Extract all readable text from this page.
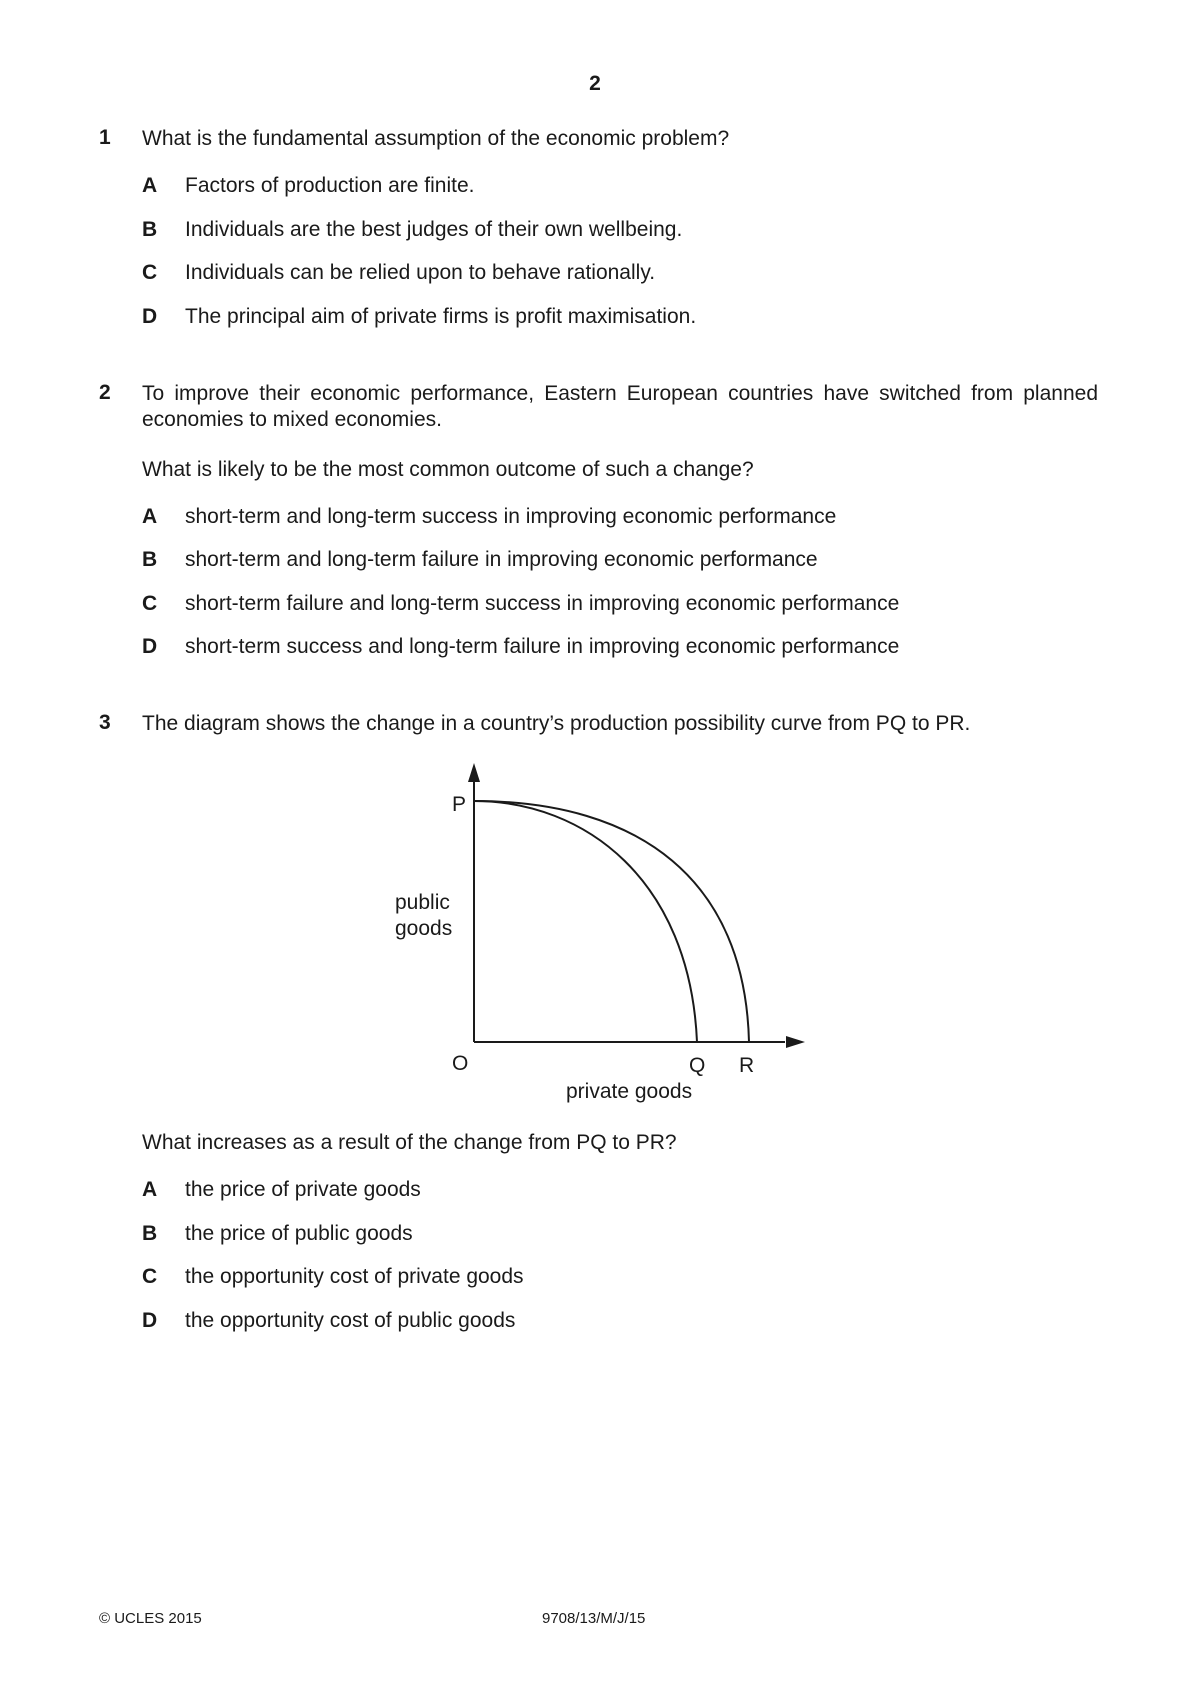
2
1 What is the fundamental assumption of the economic problem?
A Factors of production are finite.
B Individuals are the best judges of their own wellbeing.
C Individuals can be relied upon to behave rationally.
D The principal aim of private firms is profit maximisation.
2 To improve their economic performance, Eastern European countries have switched from planned economies to mixed economies.
What is likely to be the most common outcome of such a change?
A short-term and long-term success in improving economic performance
B short-term and long-term failure in improving economic performance
C short-term failure and long-term success in improving economic performance
D short-term success and long-term failure in improving economic performance
3 The diagram shows the change in a country’s production possibility curve from PQ to PR.
P
public
goods
O	Q R
private goods
What increases as a result of the change from PQ to PR?
A the price of private goods
B the price of public goods
C the opportunity cost of private goods
D the opportunity cost of public goods
© UCLES 2015	9708/13/M/J/15
